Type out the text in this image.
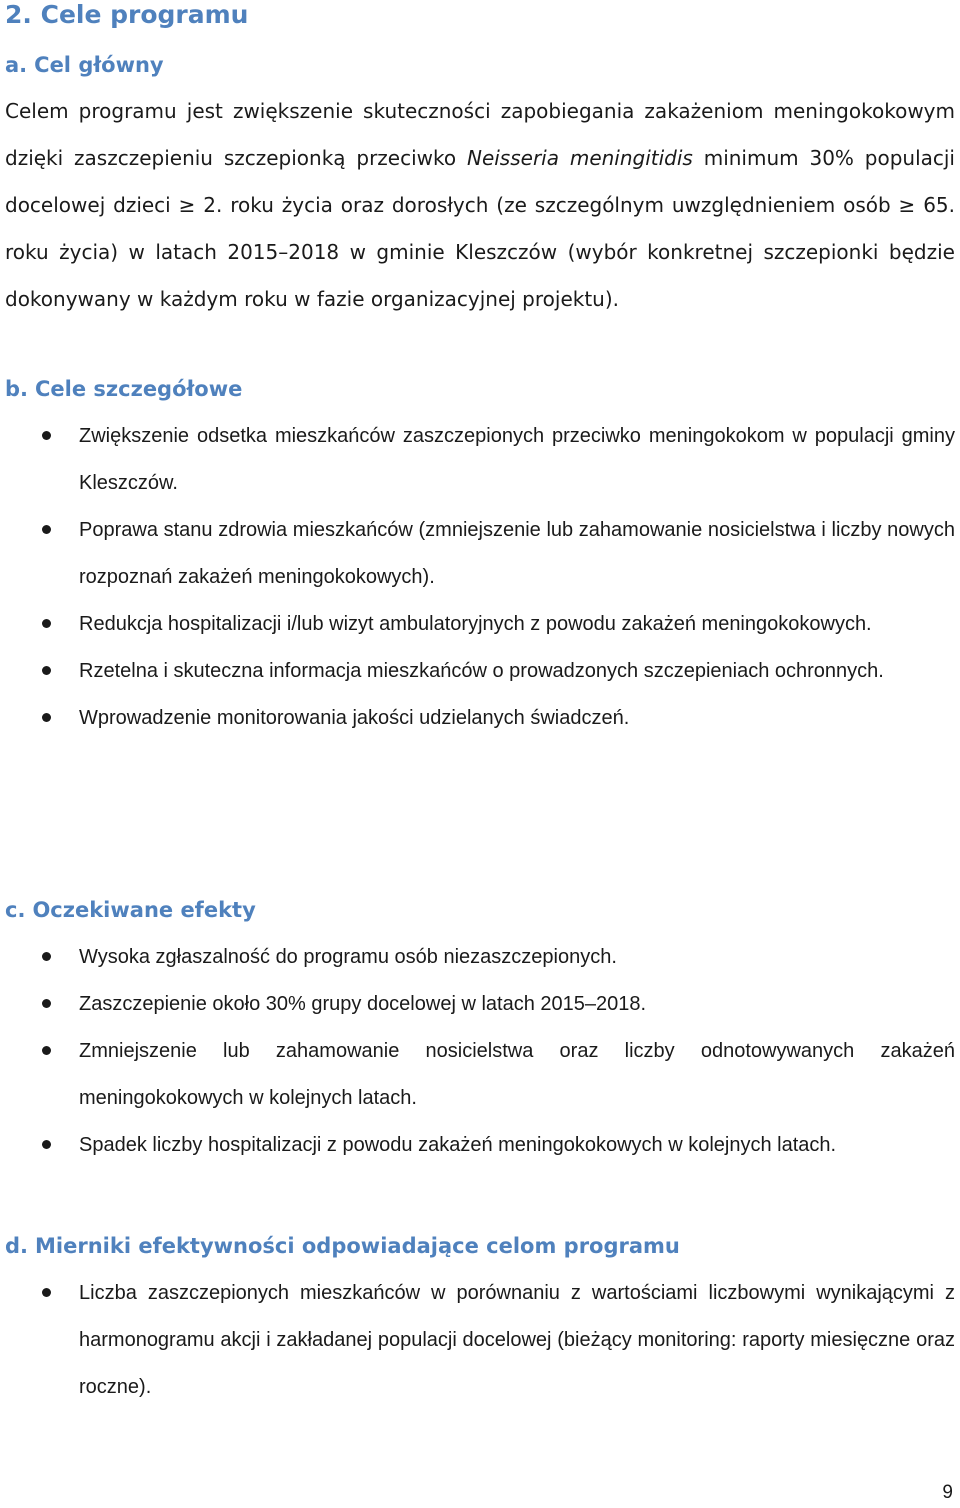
2. Cele programu
a. Cel główny

Celem programu jest zwiększenie skuteczności zapobiegania zakażeniom meningokokowym dzięki zaszczepieniu szczepionką przeciwko Neisseria meningitidis minimum 30% populacji docelowej dzieci ≥ 2. roku życia oraz dorosłych (ze szczególnym uwzględnieniem osób ≥ 65. roku życia) w latach 2015–2018 w gminie Kleszczów (wybór konkretnej szczepionki będzie dokonywany w każdym roku w fazie organizacyjnej projektu).

b. Cele szczegółowe
Zwiększenie odsetka mieszkańców zaszczepionych przeciwko meningokokom w populacji gminy Kleszczów.
Poprawa stanu zdrowia mieszkańców (zmniejszenie lub zahamowanie nosicielstwa i liczby nowych rozpoznań zakażeń meningokokowych).
Redukcja hospitalizacji i/lub wizyt ambulatoryjnych z powodu zakażeń meningokokowych.
Rzetelna i skuteczna informacja mieszkańców o prowadzonych szczepieniach ochronnych.
Wprowadzenie monitorowania jakości udzielanych świadczeń.
c. Oczekiwane efekty
Wysoka zgłaszalność do programu osób niezaszczepionych.
Zaszczepienie około 30% grupy docelowej w latach 2015–2018.
Zmniejszenie lub zahamowanie nosicielstwa oraz liczby odnotowywanych zakażeń meningokokowych w kolejnych latach.
Spadek liczby hospitalizacji z powodu zakażeń meningokokowych w kolejnych latach.
d. Mierniki efektywności odpowiadające celom programu
Liczba zaszczepionych mieszkańców w porównaniu z wartościami liczbowymi wynikającymi z harmonogramu akcji i zakładanej populacji docelowej (bieżący monitoring: raporty miesięczne oraz roczne).
9
